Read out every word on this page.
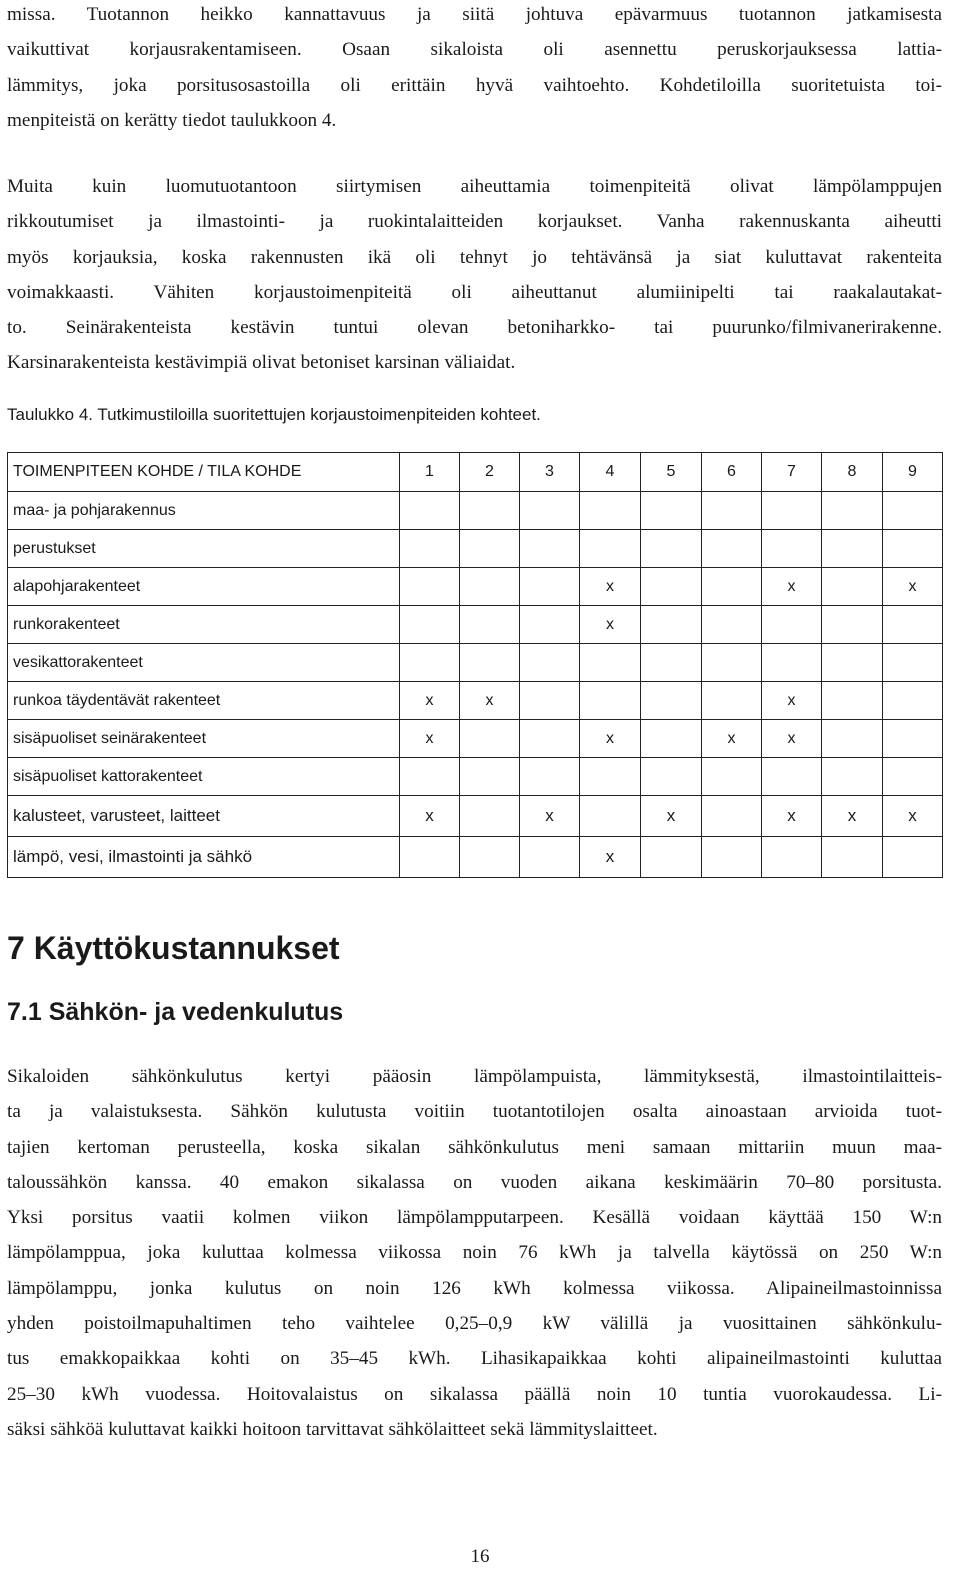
missa. Tuotannon heikko kannattavuus ja siitä johtuva epävarmuus tuotannon jatkamisesta
vaikuttivat korjausrakentamiseen. Osaan sikaloista oli asennettu peruskorjauksessa lattia-
lämmitys, joka porsitusosastoilla oli erittäin hyvä vaihtoehto. Kohdetiloilla suoritetuista toi-
menpiteistä on kerätty tiedot taulukkoon 4.

Muita kuin luomutuotantoon siirtymisen aiheuttamia toimenpiteitä olivat lämpölamppujen
rikkoutumiset ja ilmastointi- ja ruokintalaitteiden korjaukset. Vanha rakennuskanta aiheutti
myös korjauksia, koska rakennusten ikä oli tehnyt jo tehtävänsä ja siat kuluttavat rakenteita
voimakkaasti. Vähiten korjaustoimenpiteitä oli aiheuttanut alumiinipelti tai raakalautakat-
to. Seinärakenteista kestävin tuntui olevan betoniharkko- tai puurunko/filmivanerirakenne.
Karsinarakenteista kestävimpiä olivat betoniset karsinan väliaidat.

Taulukko 4. Tutkimustiloilla suoritettujen korjaustoimenpiteiden kohteet.

TOIMENPITEEN KOHDE / TILA KOHDE	1	2	3	4	5	6	7	8	9
maa- ja pohjarakennus									
perustukset									
alapohjarakenteet				x			x		x
runkorakenteet				x					
vesikattorakenteet									
runkoa täydentävät rakenteet	x	x					x		
sisäpuoliset seinärakenteet	x			x		x	x		
sisäpuoliset kattorakenteet									
kalusteet, varusteet, laitteet	x		x		x		x	x	x
lämpö, vesi, ilmastointi ja sähkö				x					
7 Käyttökustannukset
7.1 Sähkön- ja vedenkulutus

Sikaloiden sähkönkulutus kertyi pääosin lämpölampuista, lämmityksestä, ilmastointilaitteis-
ta ja valaistuksesta. Sähkön kulutusta voitiin tuotantotilojen osalta ainoastaan arvioida tuot-
tajien kertoman perusteella, koska sikalan sähkönkulutus meni samaan mittariin muun maa-
taloussähkön kanssa. 40 emakon sikalassa on vuoden aikana keskimäärin 70–80 porsitusta.
Yksi porsitus vaatii kolmen viikon lämpölampputarpeen. Kesällä voidaan käyttää 150 W:n
lämpölamppua, joka kuluttaa kolmessa viikossa noin 76 kWh ja talvella käytössä on 250 W:n
lämpölamppu, jonka kulutus on noin 126 kWh kolmessa viikossa. Alipaineilmastoinnissa
yhden poistoilmapuhaltimen teho vaihtelee 0,25–0,9 kW välillä ja vuosittainen sähkönkulu-
tus emakkopaikkaa kohti on 35–45 kWh. Lihasikapaikkaa kohti alipaineilmastointi kuluttaa
25–30 kWh vuodessa. Hoitovalaistus on sikalassa päällä noin 10 tuntia vuorokaudessa. Li-
säksi sähköä kuluttavat kaikki hoitoon tarvittavat sähkölaitteet sekä lämmityslaitteet.

16
